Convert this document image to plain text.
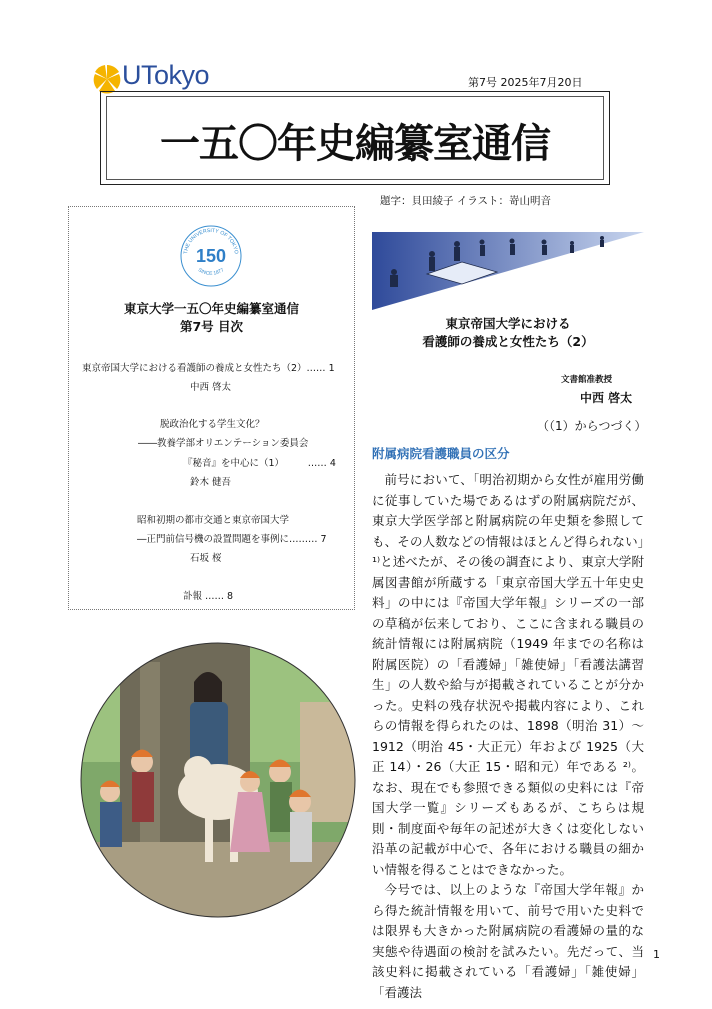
UTokyo	第7号 2025年7月20日
一五〇年史編纂室通信
題字：貝田綾子 イラスト：嵜山明音
THE UNIVERSITY OF TOKYO
150
SINCE 1877
東京大学一五〇年史編纂室通信
第7号 目次
東京帝国大学における看護師の養成と女性たち（2）…… 1
中西 啓太
脱政治化する学生文化？
――教養学部オリエンテーション委員会
『秘音』を中心に（1）　　　…… 4
鈴木 健吾
昭和初期の都市交通と東京帝国大学
―正門前信号機の設置問題を事例に……… 7
石坂 桜
訃報 …… 8
東京帝国大学における
看護師の養成と女性たち（2）
文書館准教授
中西 啓太
（（1）からつづく）
附属病院看護職員の区分

前号において、「明治初期から女性が雇用労働に従事していた場であるはずの附属病院だが、東京大学医学部と附属病院の年史類を参照しても、その人数などの情報はほとんど得られない」¹⁾と述べたが、その後の調査により、東京大学附属図書館が所蔵する「東京帝国大学五十年史史料」の中には『帝国大学年報』シリーズの一部の草稿が伝来しており、ここに含まれる職員の統計情報には附属病院（1949 年までの名称は附属医院）の「看護婦」「雑使婦」「看護法講習生」の人数や給与が掲載されていることが分かった。史料の残存状況や掲載内容により、これらの情報を得られたのは、1898（明治 31）〜1912（明治 45・大正元）年および 1925（大正 14）・26（大正 15・昭和元）年である ²⁾。なお、現在でも参照できる類似の史料には『帝国大学一覧』シリーズもあるが、こちらは規則・制度面や毎年の記述が大きくは変化しない沿革の記載が中心で、各年における職員の細かい情報を得ることはできなかった。

今号では、以上のような『帝国大学年報』から得た統計情報を用いて、前号で用いた史料では限界も大きかった附属病院の看護婦の量的な実態や待遇面の検討を試みたい。先だって、当該史料に掲載されている「看護婦」「雑使婦」「看護法

1
